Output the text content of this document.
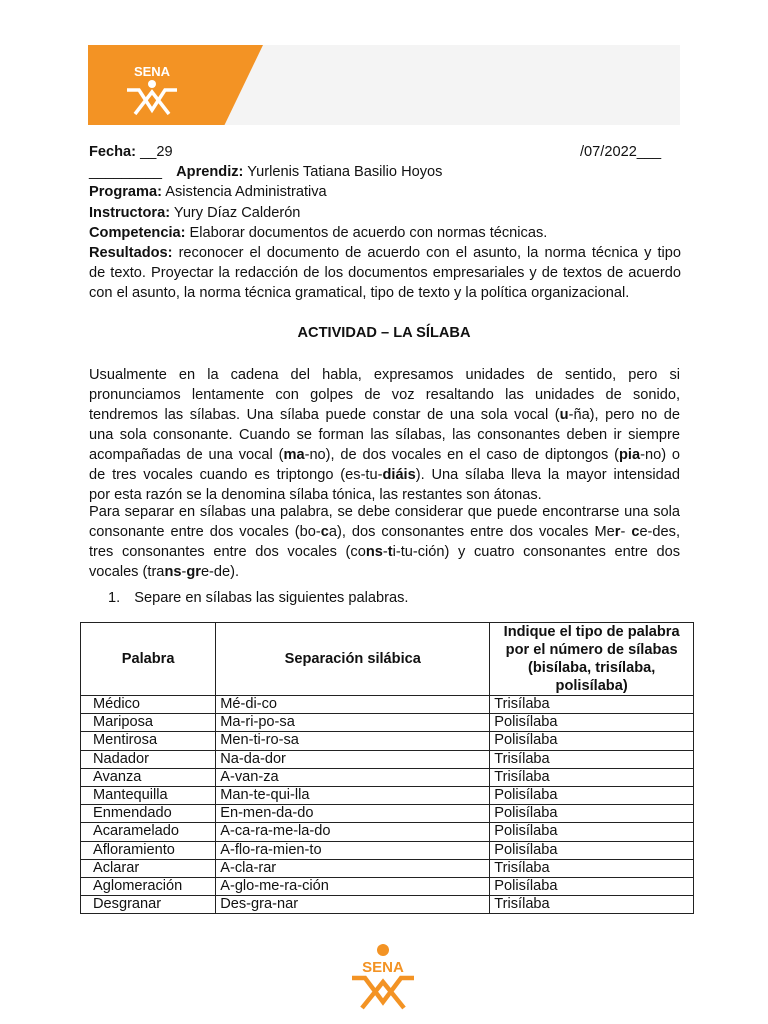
SENA
Fecha: __29	/07/2022___
_________ Aprendiz: Yurlenis Tatiana Basilio Hoyos
Programa: Asistencia Administrativa
Instructora: Yury Díaz Calderón
Competencia: Elaborar documentos de acuerdo con normas técnicas.
Resultados: reconocer el documento de acuerdo con el asunto, la norma técnica y tipo
de texto. Proyectar la redacción de los documentos empresariales y de textos de acuerdo
con el asunto, la norma técnica gramatical, tipo de texto y la política organizacional.
ACTIVIDAD – LA SÍLABA
Usualmente en la cadena del habla, expresamos unidades de sentido, pero si
pronunciamos lentamente con golpes de voz resaltando las unidades de sonido,
tendremos las sílabas. Una sílaba puede constar de una sola vocal (u-ña), pero no de
una sola consonante. Cuando se forman las sílabas, las consonantes deben ir siempre
acompañadas de una vocal (ma-no), de dos vocales en el caso de diptongos (pia-no) o
de tres vocales cuando es triptongo (es-tu-diáis). Una sílaba lleva la mayor intensidad
por esta razón se la denomina sílaba tónica, las restantes son átonas.
Para separar en sílabas una palabra, se debe considerar que puede encontrarse una sola
consonante entre dos vocales (bo-ca), dos consonantes entre dos vocales Mer- ce-des,
tres consonantes entre dos vocales (cons-ti-tu-ción) y cuatro consonantes entre dos
vocales (trans-gre-de).
1. Separe en sílabas las siguientes palabras.
Palabra	Separación silábica	Indique el tipo de palabra por el número de sílabas (bisílaba, trisílaba, polisílaba)
Médico	Mé-di-co	Trisílaba
Mariposa	Ma-ri-po-sa	Polisílaba
Mentirosa	Men-ti-ro-sa	Polisílaba
Nadador	Na-da-dor	Trisílaba
Avanza	A-van-za	Trisílaba
Mantequilla	Man-te-qui-lla	Polisílaba
Enmendado	En-men-da-do	Polisílaba
Acaramelado	A-ca-ra-me-la-do	Polisílaba
Afloramiento	A-flo-ra-mien-to	Polisílaba
Aclarar	A-cla-rar	Trisílaba
Aglomeración	A-glo-me-ra-ción	Polisílaba
Desgranar	Des-gra-nar	Trisílaba
SENA
